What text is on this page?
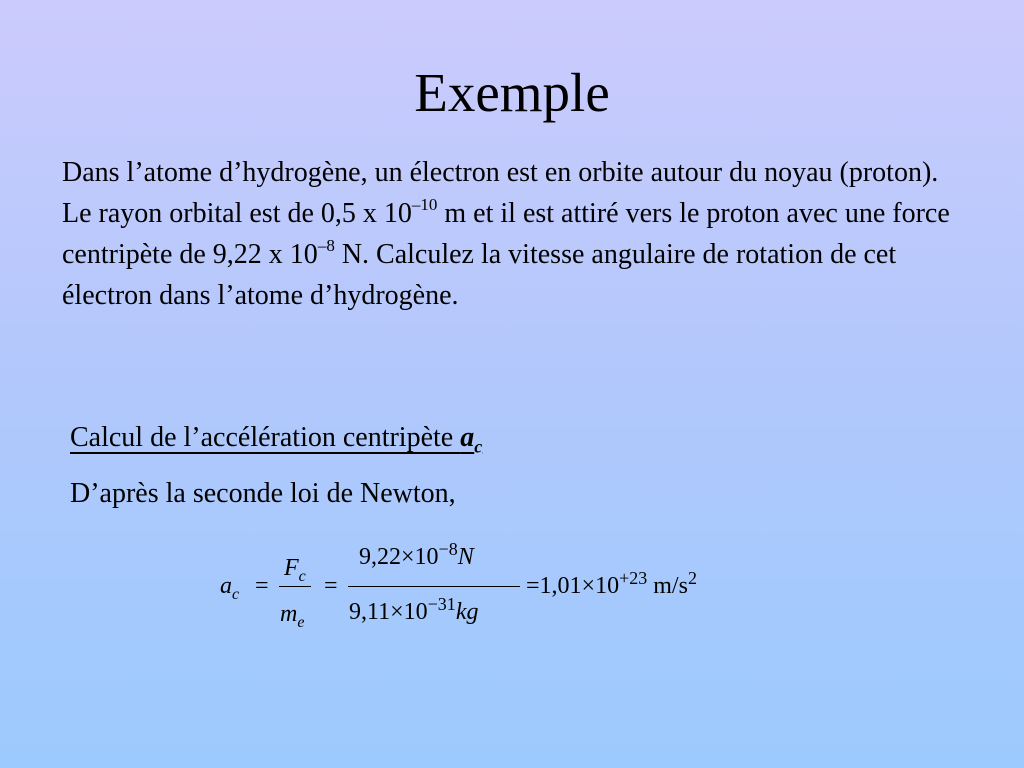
Exemple
Dans l’atome d’hydrogène, un électron est en orbite autour du noyau (proton). Le rayon orbital est de 0,5 x $10^{-10}$ m et il est attiré vers le proton avec une force centripète de 9,22 x $10^{-8}$ N. Calculez la vitesse angulaire de rotation de cet électron dans l’atome d’hydrogène.
Calcul de l’accélération centripète $a_c$
D’après la seconde loi de Newton,
$a_c$ =
$F_c$
$m_e$
=
$9,22\times 10^{-8}N$
$9,11\times 10^{-31}kg$
$=1,01\times 10^{+23}$ $m/s^2$
